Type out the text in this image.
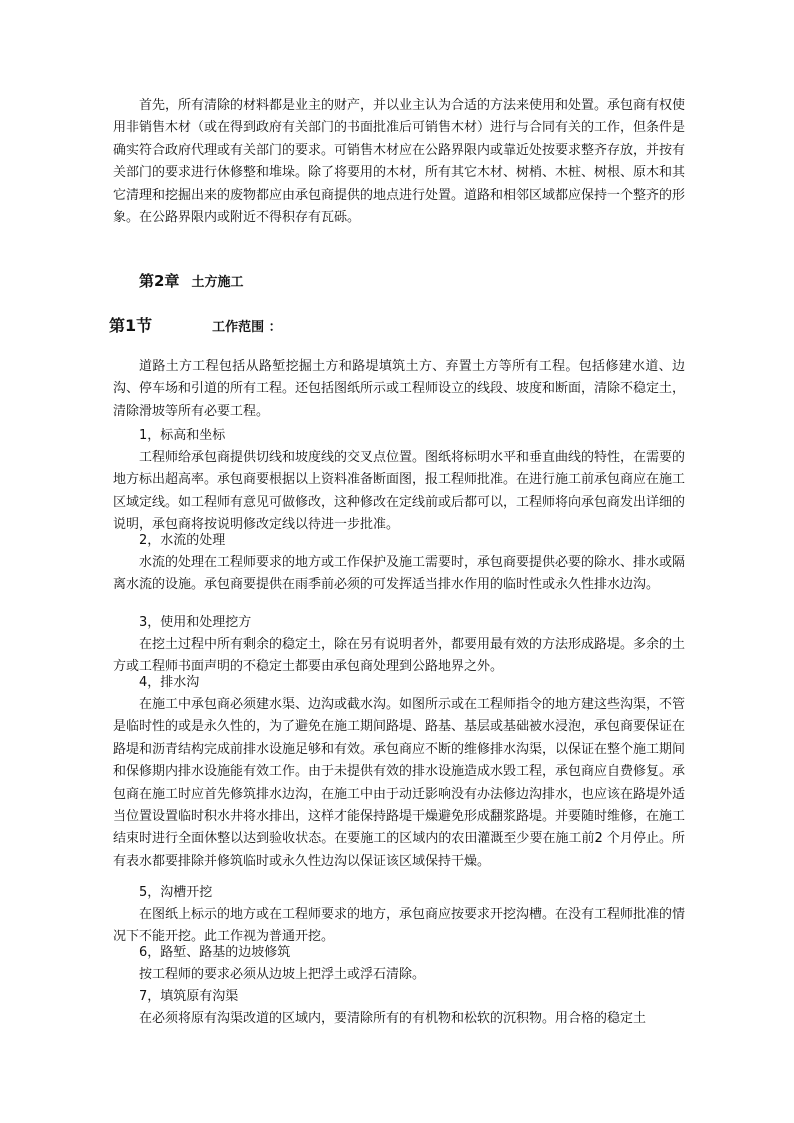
首先，所有清除的材料都是业主的财产，并以业主认为合适的方法来使用和处置。承包商有权使用非销售木材（或在得到政府有关部门的书面批准后可销售木材）进行与合同有关的工作，但条件是确实符合政府代理或有关部门的要求。可销售木材应在公路界限内或靠近处按要求整齐存放，并按有关部门的要求进行休修整和堆垛。除了将要用的木材，所有其它木材、树梢、木桩、树根、原木和其它清理和挖掘出来的废物都应由承包商提供的地点进行处置。道路和相邻区域都应保持一个整齐的形象。在公路界限内或附近不得积存有瓦砾。

第2章 土方施工
第1节	工作范围 ：

道路土方工程包括从路堑挖掘土方和路堤填筑土方、弃置土方等所有工程。包括修建水道、边沟、停车场和引道的所有工程。还包括图纸所示或工程师设立的线段、坡度和断面，清除不稳定土，清除滑坡等所有必要工程。

1，标高和坐标

工程师给承包商提供切线和坡度线的交叉点位置。图纸将标明水平和垂直曲线的特性，在需要的地方标出超高率。承包商要根据以上资料准备断面图，报工程师批准。在进行施工前承包商应在施工区域定线。如工程师有意见可做修改，这种修改在定线前或后都可以，工程师将向承包商发出详细的说明，承包商将按说明修改定线以待进一步批准。

2，水流的处理

水流的处理在工程师要求的地方或工作保护及施工需要时，承包商要提供必要的除水、排水或隔离水流的设施。承包商要提供在雨季前必须的可发挥适当排水作用的临时性或永久性排水边沟。

3，使用和处理挖方

在挖土过程中所有剩余的稳定土，除在另有说明者外，都要用最有效的方法形成路堤。多余的土方或工程师书面声明的不稳定土都要由承包商处理到公路地界之外。

4，排水沟

在施工中承包商必须建水渠、边沟或截水沟。如图所示或在工程师指令的地方建这些沟渠，不管是临时性的或是永久性的，为了避免在施工期间路堤、路基、基层或基础被水浸泡，承包商要保证在路堤和沥青结构完成前排水设施足够和有效。承包商应不断的维修排水沟渠，以保证在整个施工期间和保修期内排水设施能有效工作。由于未提供有效的排水设施造成水毁工程，承包商应自费修复。承包商在施工时应首先修筑排水边沟，在施工中由于动迁影响没有办法修边沟排水，也应该在路堤外适当位置设置临时积水井将水排出，这样才能保持路堤干燥避免形成翻浆路堤。并要随时维修，在施工结束时进行全面休整以达到验收状态。在要施工的区域内的农田灌溉至少要在施工前2 个月停止。所有表水都要排除并修筑临时或永久性边沟以保证该区域保持干燥。

5，沟槽开挖

在图纸上标示的地方或在工程师要求的地方，承包商应按要求开挖沟槽。在没有工程师批准的情况下不能开挖。此工作视为普通开挖。

6，路堑、路基的边坡修筑

按工程师的要求必须从边坡上把浮土或浮石清除。

7，填筑原有沟渠

在必须将原有沟渠改道的区域内，要清除所有的有机物和松软的沉积物。用合格的稳定土
